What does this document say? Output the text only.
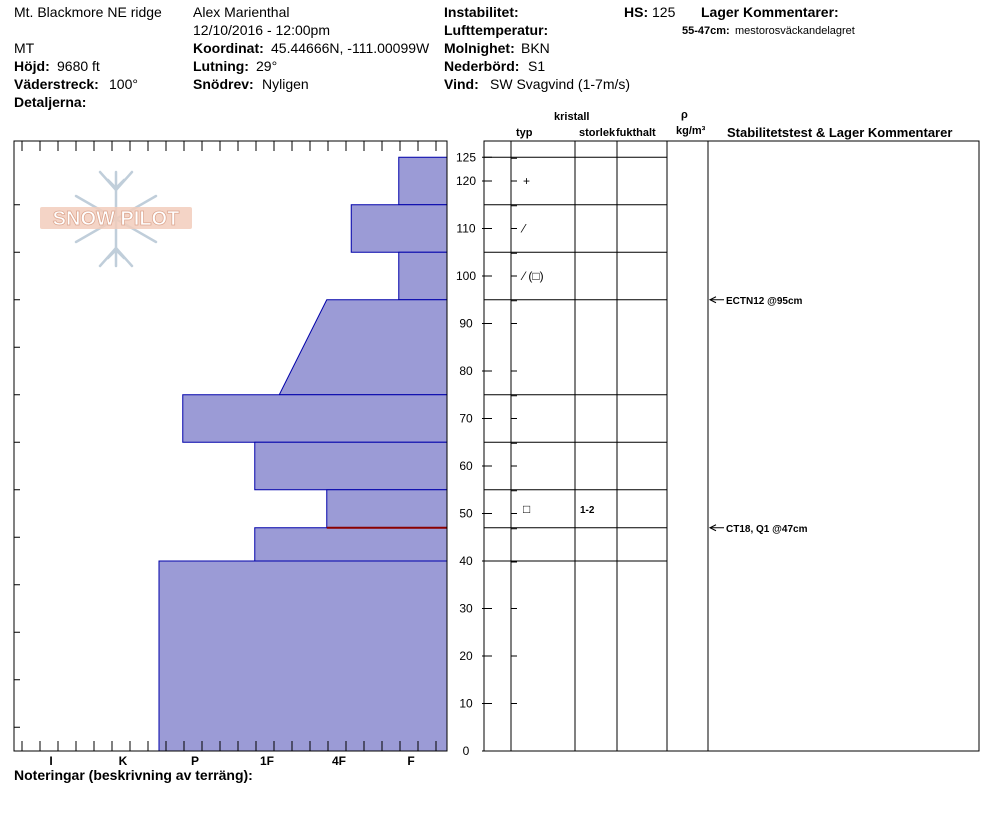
Mt. Blackmore NE ridge Alex Marienthal
12/10/2016 - 12:00pm
MT
Höjd: 9680 ft
Väderstreck: 100°
Detaljerna:
Koordinat: 45.44666N, -111.00099W
Lutning: 29°
Snödrev: Nyligen
Instabilitet:
Lufttemperatur:
Molnighet: BKN
Nederbörd: S1
Vind: SW Svagvind (1-7m/s)
HS: 125 Lager Kommentarer:
55-47cm: mestorosväckandelagret
kristall
typ	storlek fukthalt
ρ
kg/m³ Stabilitetstest & Lager Kommentarer
Noteringar (beskrivning av terräng):
SNOW PILOT
I	K	P	1F	4F	F
0
10
20
30
40
50
60
70
80
90
100
110
120
125
+
⁄
⁄ (□)
□	1-2
ECTN12 @95cm
CT18, Q1 @47cm
